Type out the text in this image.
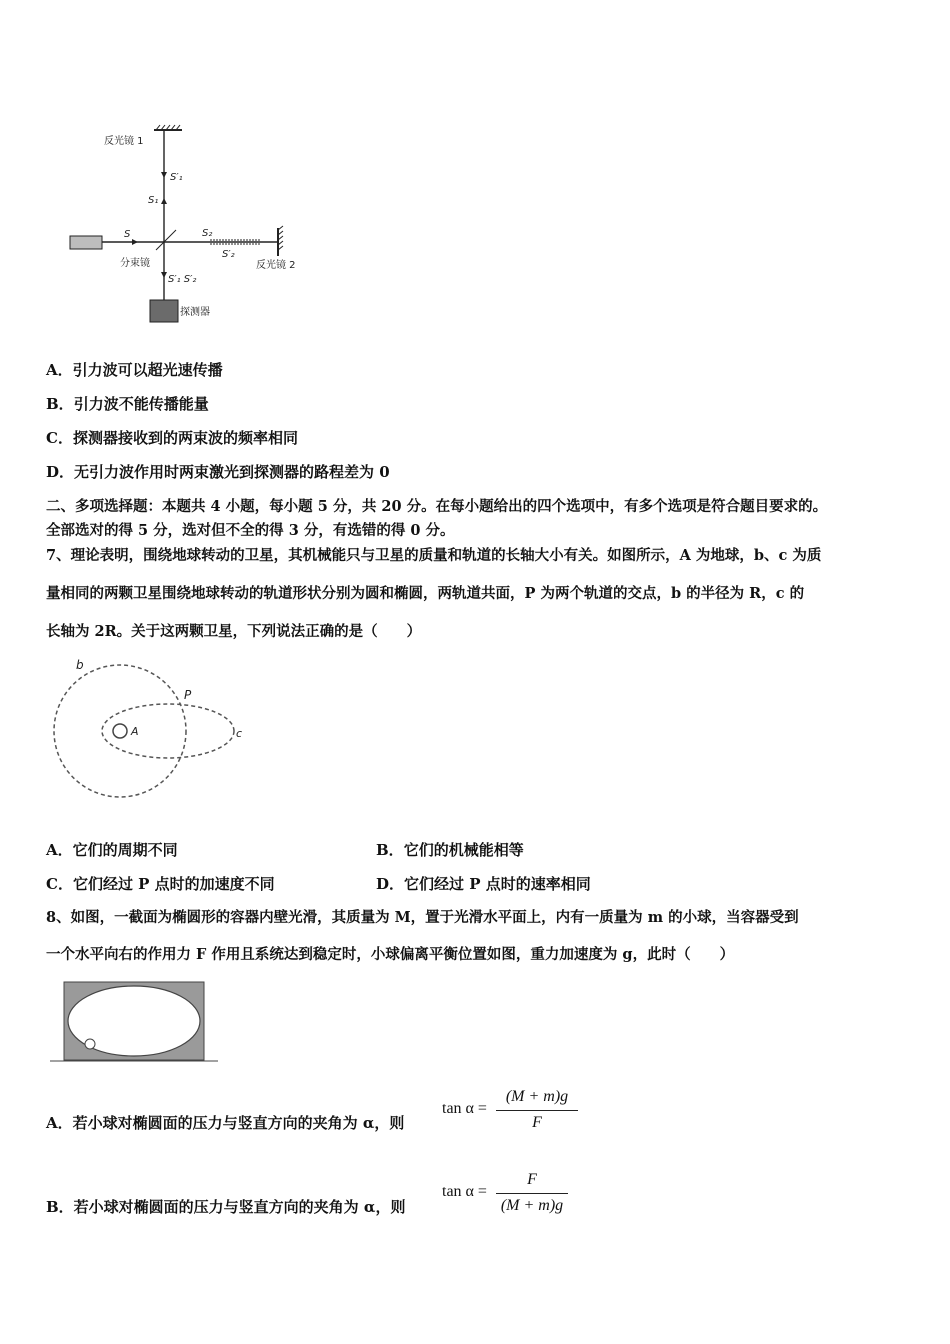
反光镜 1
S′₁
S₁
S	S₂
S′₂
反光镜 2
分束镜
S′₁ S′₂
探测器
A．引力波可以超光速传播
B．引力波不能传播能量
C．探测器接收到的两束波的频率相同
D．无引力波作用时两束激光到探测器的路程差为 0
二、多项选择题：本题共 4 小题，每小题 5 分，共 20 分。在每小题给出的四个选项中，有多个选项是符合题目要求的。
全部选对的得 5 分，选对但不全的得 3 分，有选错的得 0 分。
7、理论表明，围绕地球转动的卫星，其机械能只与卫星的质量和轨道的长轴大小有关。如图所示，A 为地球，b、c 为质
量相同的两颗卫星围绕地球转动的轨道形状分别为圆和椭圆，两轨道共面，P 为两个轨道的交点，b 的半径为 R，c 的
长轴为 2R。关于这两颗卫星，下列说法正确的是（　　）
b
P
A	c
A．它们的周期不同	B．它们的机械能相等
C．它们经过 P 点时的加速度不同	D．它们经过 P 点时的速率相同
8、如图，一截面为椭圆形的容器内壁光滑，其质量为 M，置于光滑水平面上，内有一质量为 m 的小球，当容器受到
一个水平向右的作用力 F 作用且系统达到稳定时，小球偏离平衡位置如图，重力加速度为 g，此时（　　）
A．若小球对椭圆面的压力与竖直方向的夹角为 α，则
tan α =
(M + m)g
F
B．若小球对椭圆面的压力与竖直方向的夹角为 α，则
tan α =
F
(M + m)g
